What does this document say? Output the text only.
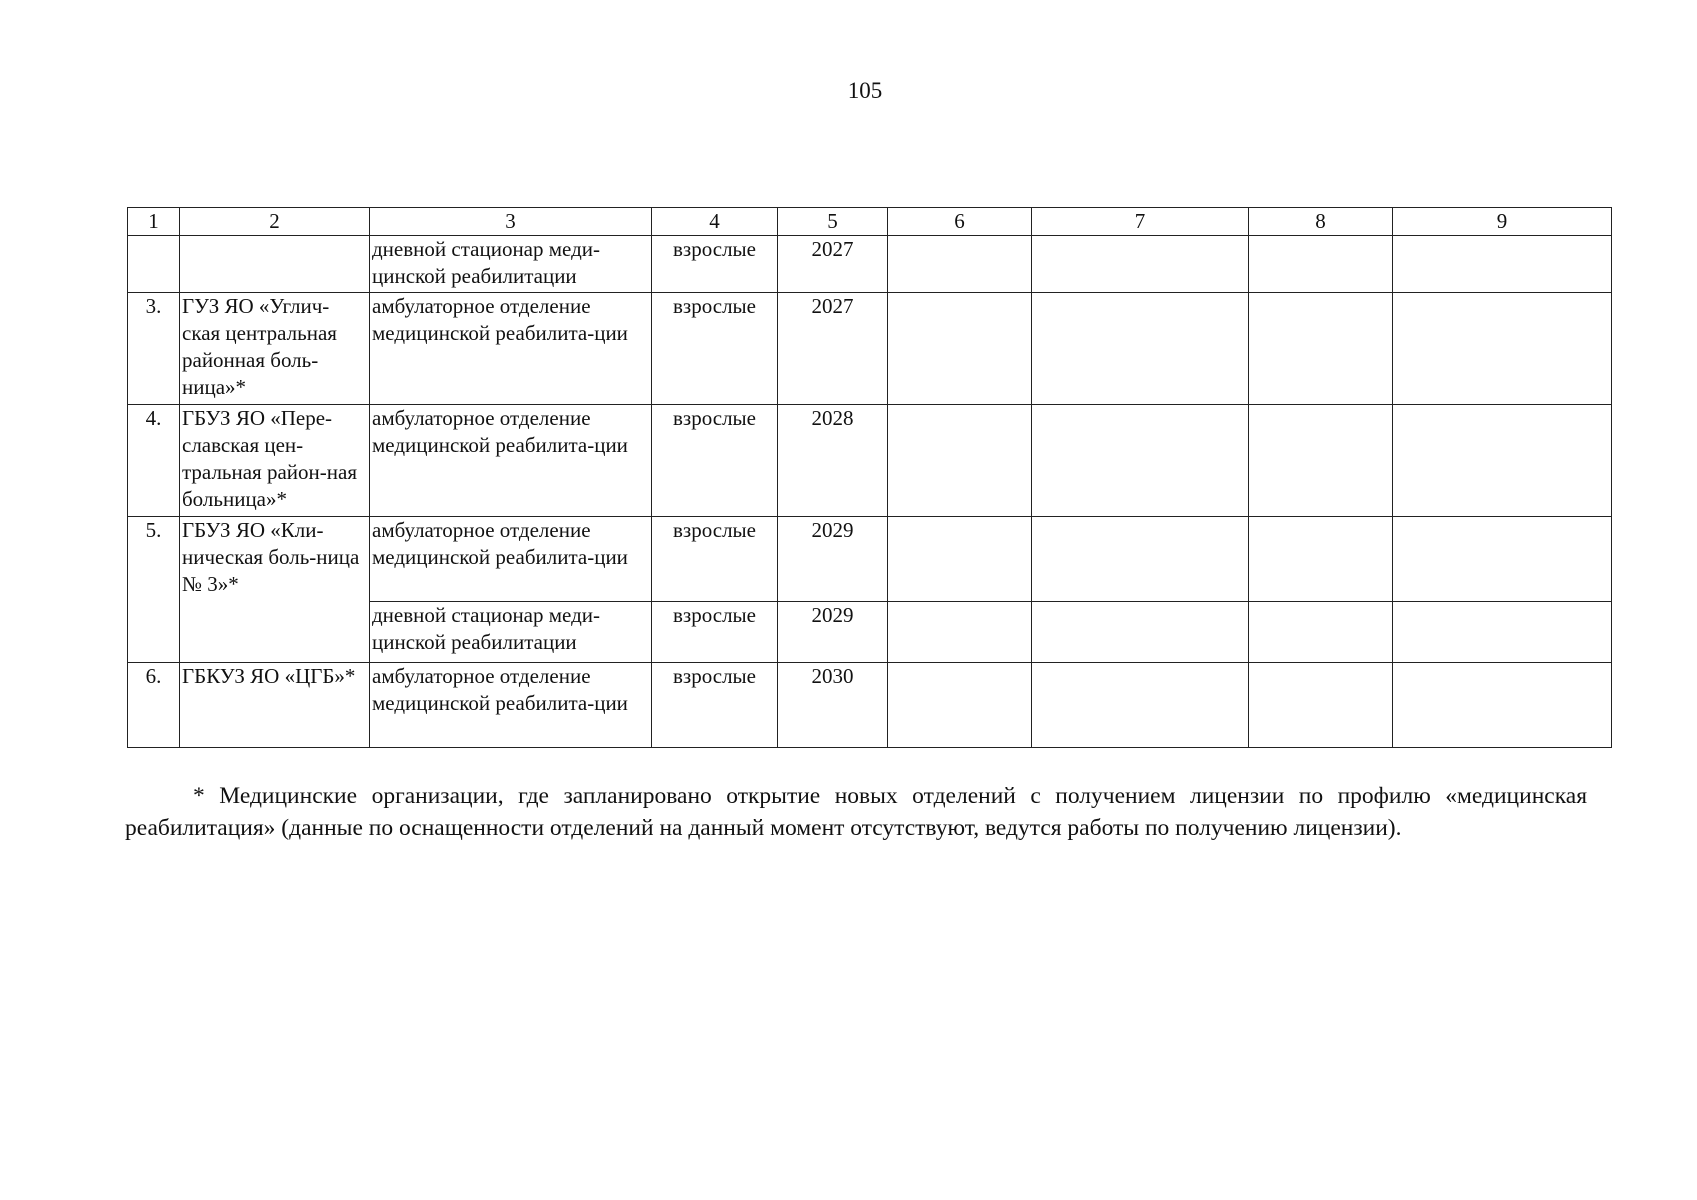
105
1	2	3	4	5	6	7	8	9
		дневной стационар меди-цинской реабилитации	взрослые	2027				
3.	ГУЗ ЯО «Углич-ская центральная районная боль-ница»*	амбулаторное отделение медицинской реабилита-ции	взрослые	2027				
4.	ГБУЗ ЯО «Пере-славская цен-тральная район-ная больница»*	амбулаторное отделение медицинской реабилита-ции	взрослые	2028				
5.	ГБУЗ ЯО «Кли-ническая боль-ница № 3»*	амбулаторное отделение медицинской реабилита-ции	взрослые	2029				
		дневной стационар меди-цинской реабилитации	взрослые	2029				
6.	ГБКУЗ ЯО «ЦГБ»*	амбулаторное отделение медицинской реабилита-ции	взрослые	2030				
* Медицинские организации, где запланировано открытие новых отделений с получением лицензии по профилю «медицинская реабилитация» (данные по оснащенности отделений на данный момент отсутствуют, ведутся работы по получению лицензии).
